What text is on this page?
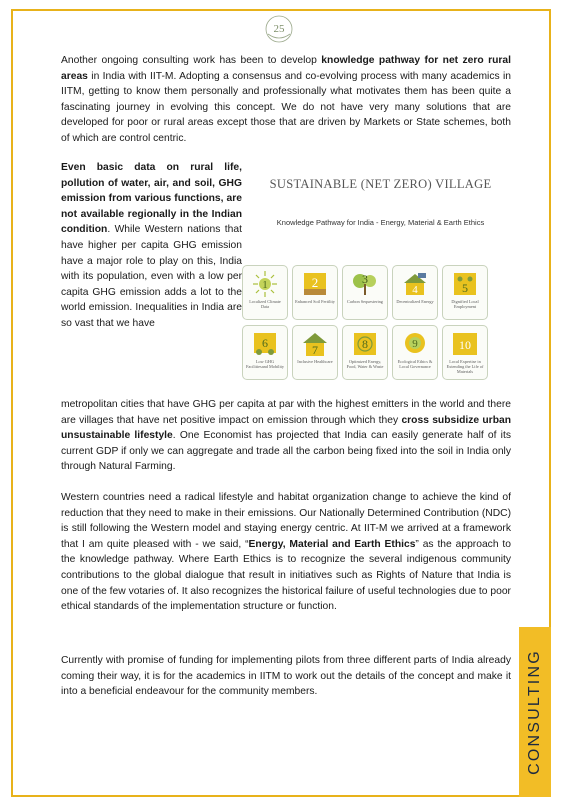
25

Another ongoing consulting work has been to develop knowledge pathway for net zero rural areas in India with IIT-M. Adopting a consensus and co-evolving process with many academics in IITM, getting to know them personally and professionally what motivates them has been quite a fascinating journey in evolving this concept. We do not have very many solutions that are developed for poor or rural areas except those that are driven by Markets or State schemes, both of which are control centric.

Even basic data on rural life, pollution of water, air, and soil, GHG emission from various functions, are not available regionally in the Indian condition. While Western nations that have higher per capita GHG emission have a major role to play on this, India with its population, even with a low per capita GHG emission adds a lot to the world emission. Inequalities in India are so vast that we have

SUSTAINABLE (NET ZERO) VILLAGE
Knowledge Pathway for India - Energy, Material & Earth Ethics
1
Localized Climate Data
2
Enhanced Soil Fertility
3
Carbon Sequestering
4
Decentralized Energy
5
Dignified Local Employment
6
Low GHG Facilitiesand Mobility
7
Inclusive Healthcare
8
Optimized Energy, Food, Water & Waste
9
Ecological Ethics & Local Governance
10
Local Expertise in Extending the Life of Materials

metropolitan cities that have GHG per capita at par with the highest emitters in the world and there are villages that have net positive impact on emission through which they cross subsidize urban unsustainable lifestyle. One Economist has projected that India can easily generate half of its current GDP if only we can aggregate and trade all the carbon being fixed into the soil in India only through Natural Farming.

Western countries need a radical lifestyle and habitat organization change to achieve the kind of reduction that they need to make in their emissions. Our Nationally Determined Contribution (NDC) is still following the Western model and staying energy centric. At IIT-M we arrived at a framework that I am quite pleased with - we said, “Energy, Material and Earth Ethics” as the approach to the knowledge pathway. Where Earth Ethics is to recognize the several indigenous community contributions to the global dialogue that result in initiatives such as Rights of Nature that India is one of the few votaries of. It also recognizes the historical failure of useful technologies due to poor ethical standards of the implementation structure or function.

Currently with promise of funding for implementing pilots from three different parts of India already coming their way, it is for the academics in IITM to work out the details of the concept and make it into a beneficial endeavour for the community members.	CONSULTING
